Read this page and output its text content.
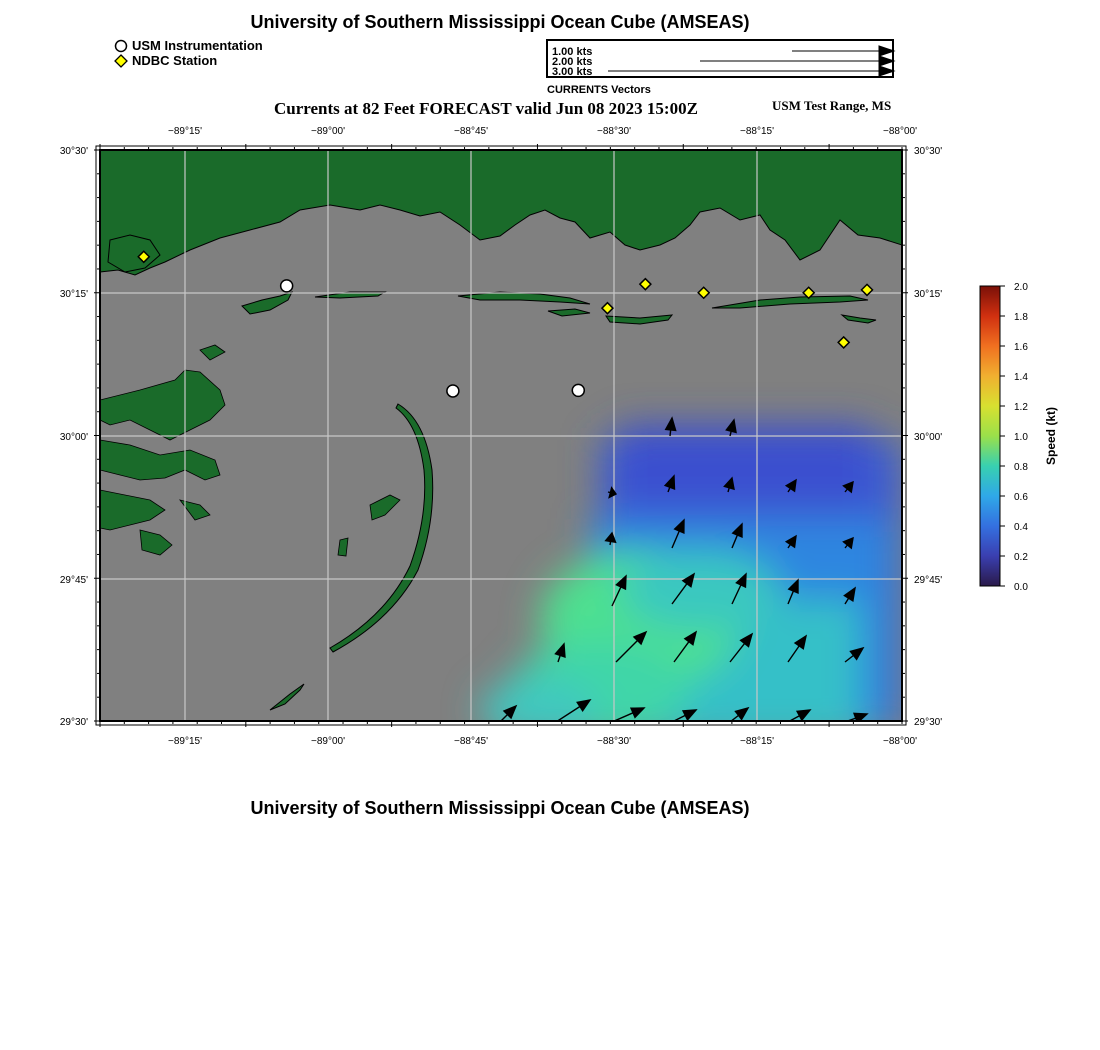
University of Southern Mississippi Ocean Cube (AMSEAS)
USM Instrumentation
NDBC Station
1.00 kts
2.00 kts
3.00 kts
CURRENTS Vectors
Currents at 82 Feet FORECAST valid Jun 08 2023 15:00Z	USM Test Range, MS
−89°15'	−89°00'	−88°45'	−88°30'	−88°15'	−88°00'
−89°15'	−89°00'	−88°45'	−88°30'	−88°15'	−88°00'
30°30'
30°15'
30°00'
29°45'
29°30'
30°30'
30°15'
30°00'
29°45'
29°30'
2.0
1.8
1.6
1.4
1.2
1.0
0.8
0.6
0.4
0.2
0.0
Speed (kt)
University of Southern Mississippi Ocean Cube (AMSEAS)
